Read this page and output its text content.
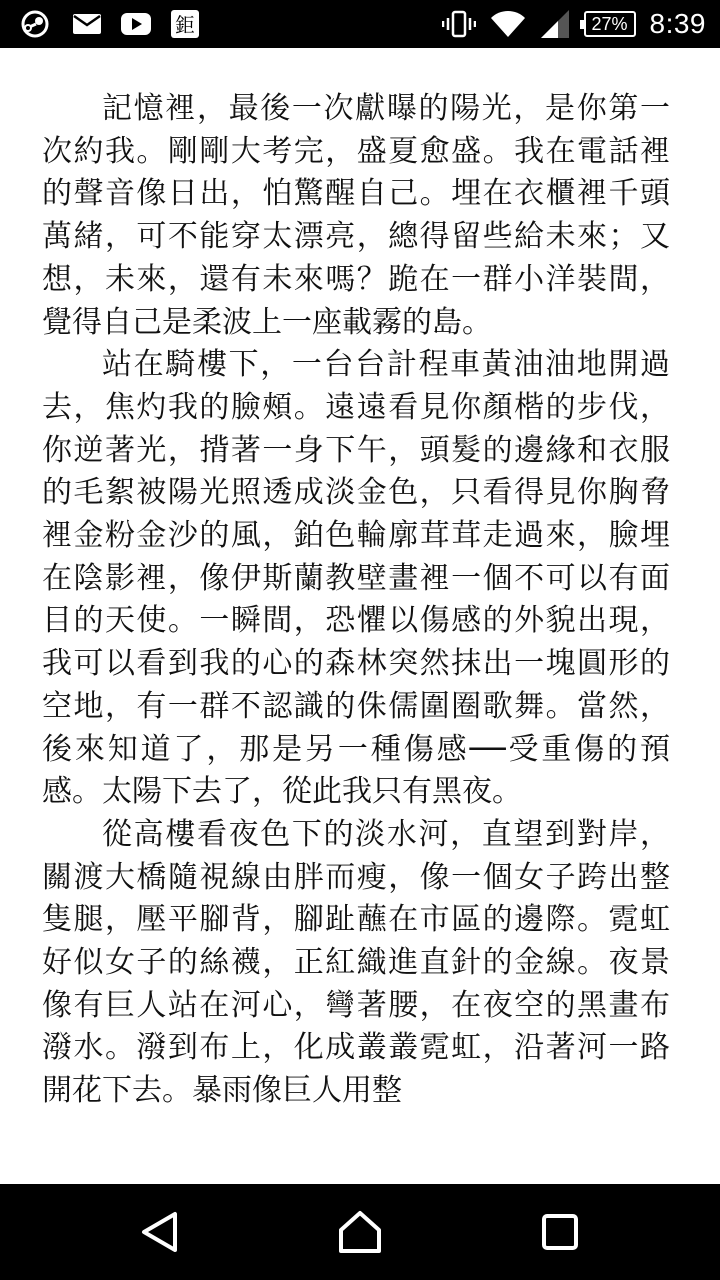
鉅	27% 8:39

記憶裡，最後一次獻曝的陽光，是你第一次約我。剛剛大考完，盛夏愈盛。我在電話裡的聲音像日出，怕驚醒自己。埋在衣櫃裡千頭萬緒，可不能穿太漂亮，總得留些給未來；又想，未來，還有未來嗎？跪在一群小洋裝間，覺得自己是柔波上一座載霧的島。

站在騎樓下，一台台計程車黃油油地開過去，焦灼我的臉頰。遠遠看見你顏楷的步伐，你逆著光，揹著一身下午，頭髮的邊緣和衣服的毛絮被陽光照透成淡金色，只看得見你胸脅裡金粉金沙的風，鉑色輪廓茸茸走過來，臉埋在陰影裡，像伊斯蘭教壁畫裡一個不可以有面目的天使。一瞬間，恐懼以傷感的外貌出現，我可以看到我的心的森林突然抹出一塊圓形的空地，有一群不認識的侏儒圍圈歌舞。當然，後來知道了，那是另一種傷感──受重傷的預感。太陽下去了，從此我只有黑夜。

從高樓看夜色下的淡水河，直望到對岸，關渡大橋隨視線由胖而瘦，像一個女子跨出整隻腿，壓平腳背，腳趾蘸在市區的邊際。霓虹好似女子的絲襪，正紅織進直針的金線。夜景像有巨人站在河心，彎著腰，在夜空的黑畫布潑水。潑到布上，化成叢叢霓虹，沿著河一路開花下去。暴雨像巨人用整
